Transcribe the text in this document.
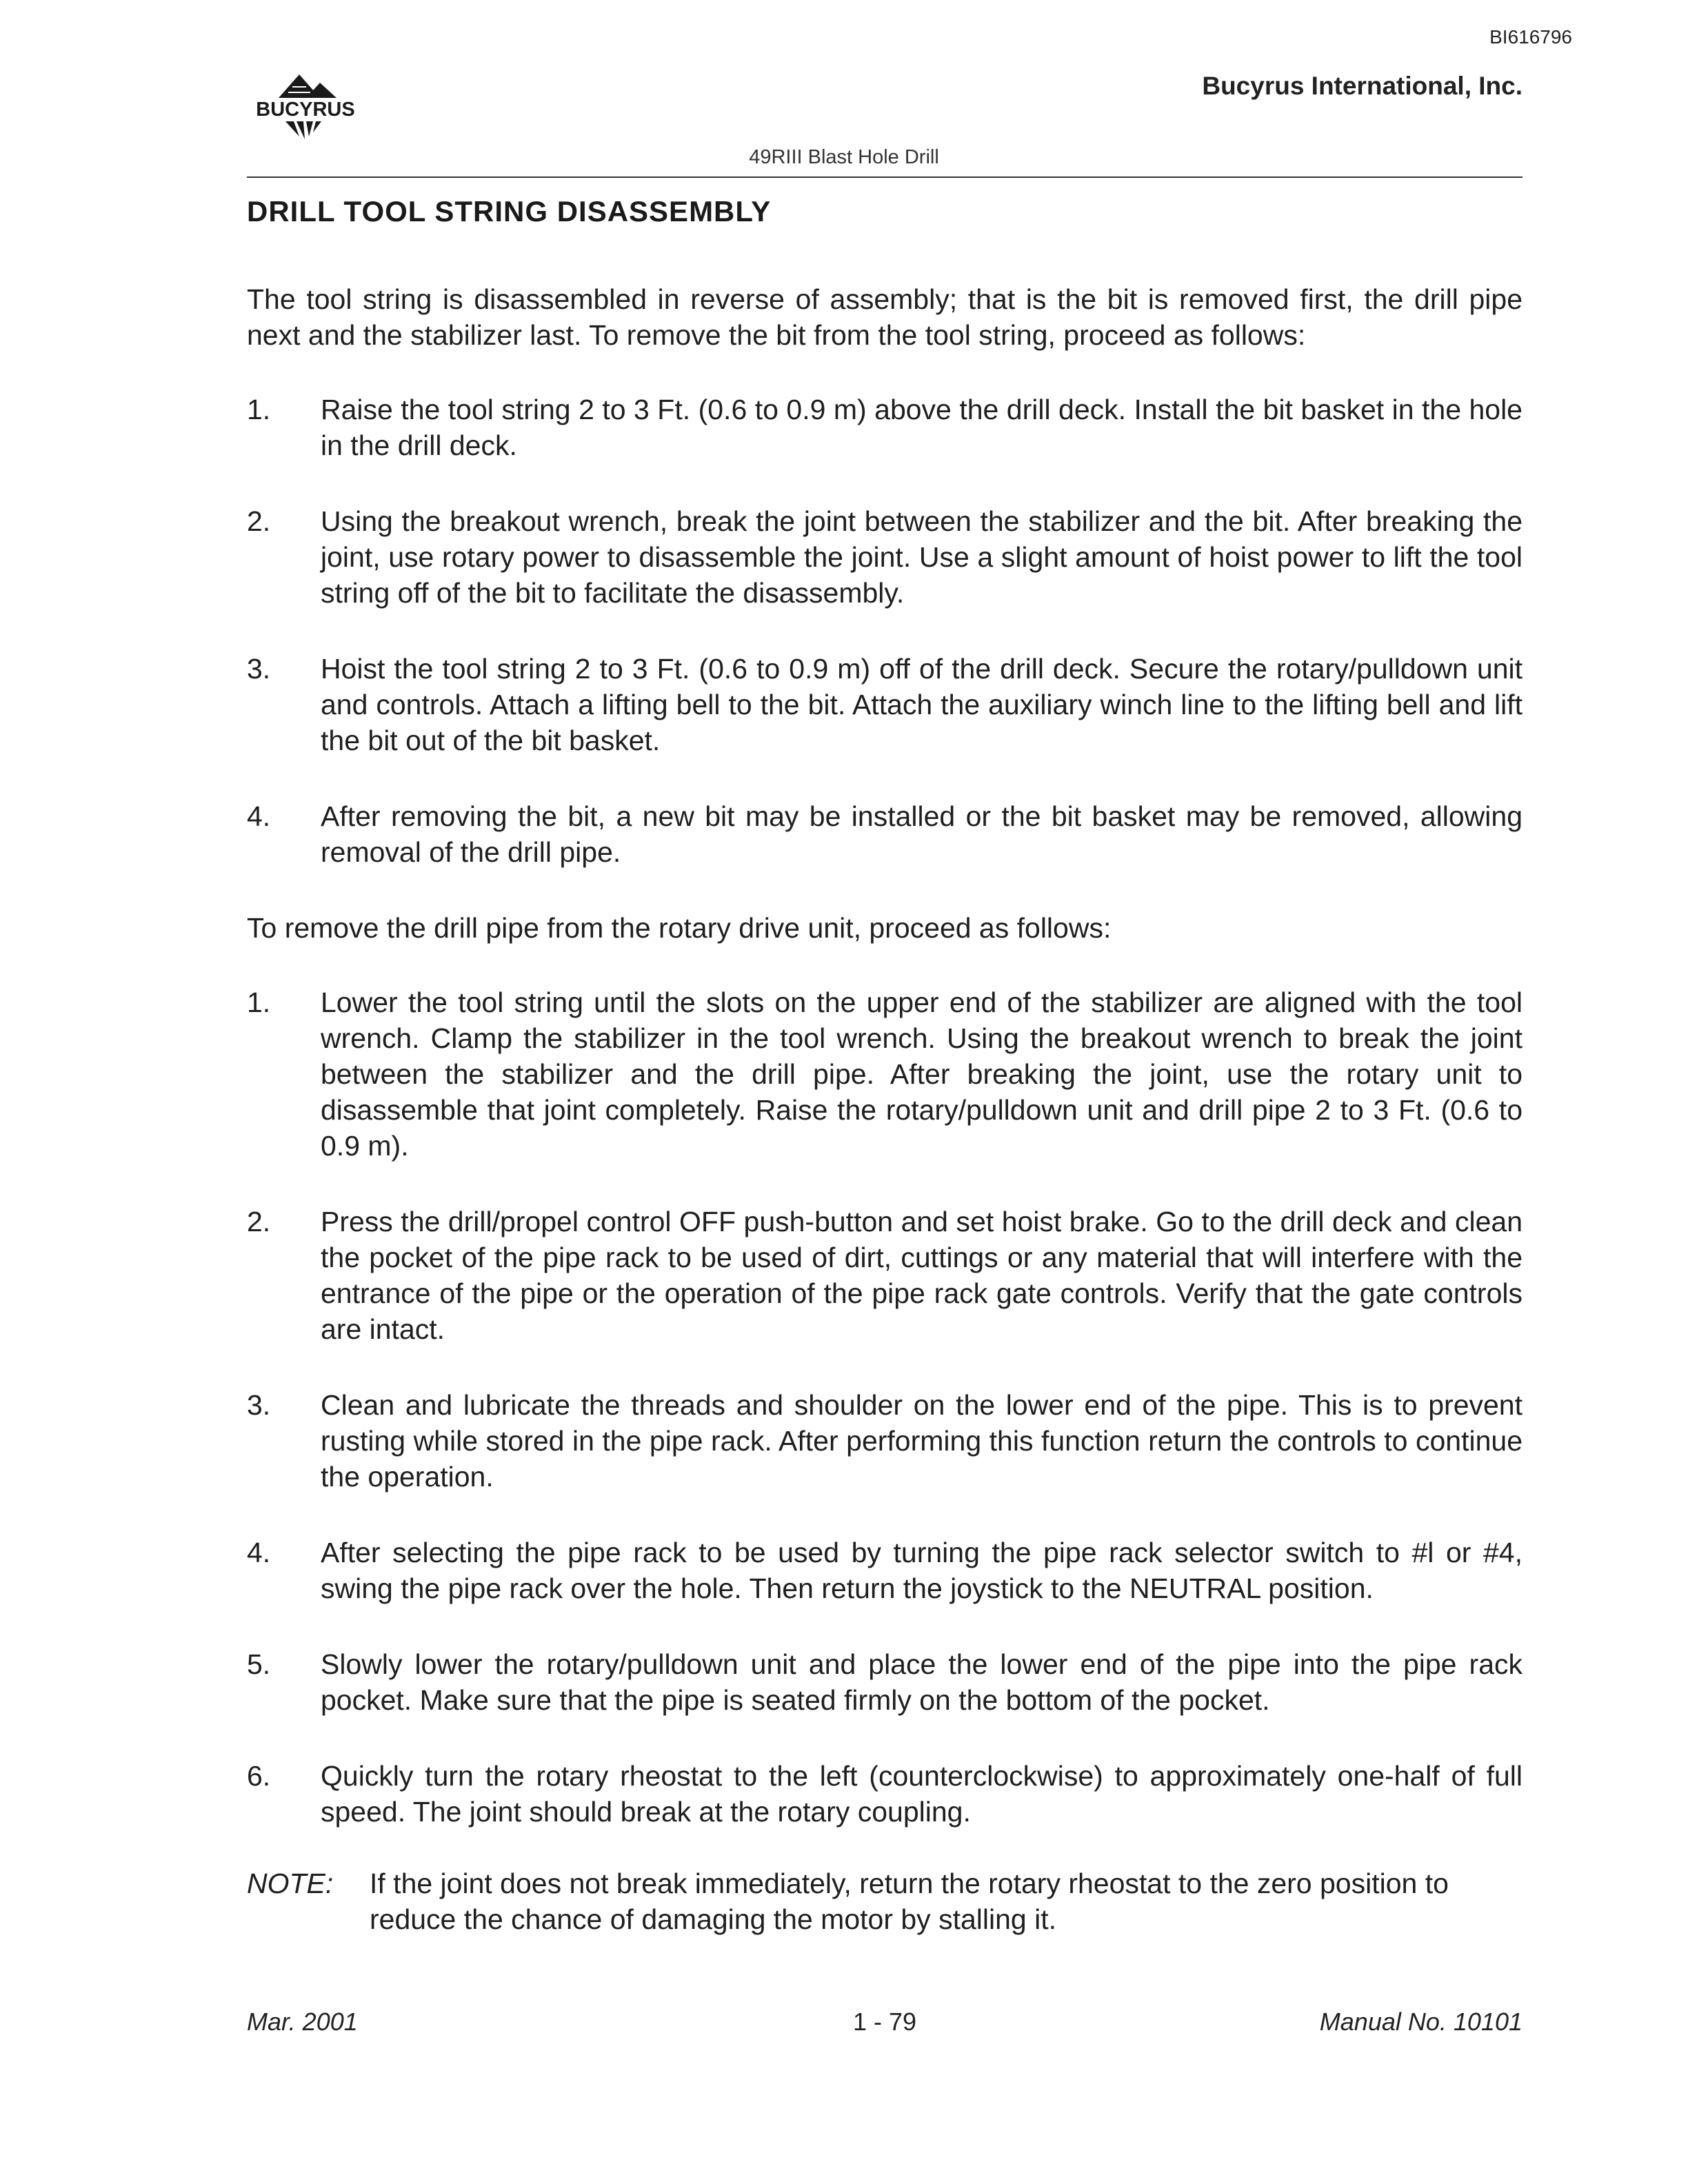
BI616796
BUCYRUS
Bucyrus International, Inc.
49RIII Blast Hole Drill
DRILL TOOL STRING DISASSEMBLY

The tool string is disassembled in reverse of assembly; that is the bit is removed first, the drill pipe next and the stabilizer last. To remove the bit from the tool string, proceed as follows:

1.	Raise the tool string 2 to 3 Ft. (0.6 to 0.9 m) above the drill deck. Install the bit basket in the hole in the drill deck.
2.	Using the breakout wrench, break the joint between the stabilizer and the bit. After breaking the joint, use rotary power to disassemble the joint. Use a slight amount of hoist power to lift the tool string off of the bit to facilitate the disassembly.
3.	Hoist the tool string 2 to 3 Ft. (0.6 to 0.9 m) off of the drill deck. Secure the rotary/pulldown unit and controls. Attach a lifting bell to the bit. Attach the auxiliary winch line to the lifting bell and lift the bit out of the bit basket.
4.	After removing the bit, a new bit may be installed or the bit basket may be removed, allowing removal of the drill pipe.

To remove the drill pipe from the rotary drive unit, proceed as follows:

1.	Lower the tool string until the slots on the upper end of the stabilizer are aligned with the tool wrench. Clamp the stabilizer in the tool wrench. Using the breakout wrench to break the joint between the stabilizer and the drill pipe. After breaking the joint, use the rotary unit to disassemble that joint completely. Raise the rotary/pulldown unit and drill pipe 2 to 3 Ft. (0.6 to 0.9 m).
2.	Press the drill/propel control OFF push-button and set hoist brake. Go to the drill deck and clean the pocket of the pipe rack to be used of dirt, cuttings or any material that will interfere with the entrance of the pipe or the operation of the pipe rack gate controls. Verify that the gate controls are intact.
3.	Clean and lubricate the threads and shoulder on the lower end of the pipe. This is to prevent rusting while stored in the pipe rack. After performing this function return the controls to continue the operation.
4.	After selecting the pipe rack to be used by turning the pipe rack selector switch to #l or #4, swing the pipe rack over the hole. Then return the joystick to the NEUTRAL position.
5.	Slowly lower the rotary/pulldown unit and place the lower end of the pipe into the pipe rack pocket. Make sure that the pipe is seated firmly on the bottom of the pocket.
6.	Quickly turn the rotary rheostat to the left (counterclockwise) to approximately one-half of full speed. The joint should break at the rotary coupling.
NOTE:	If the joint does not break immediately, return the rotary rheostat to the zero position to reduce the chance of damaging the motor by stalling it.
Mar. 2001	1 - 79	Manual No. 10101
